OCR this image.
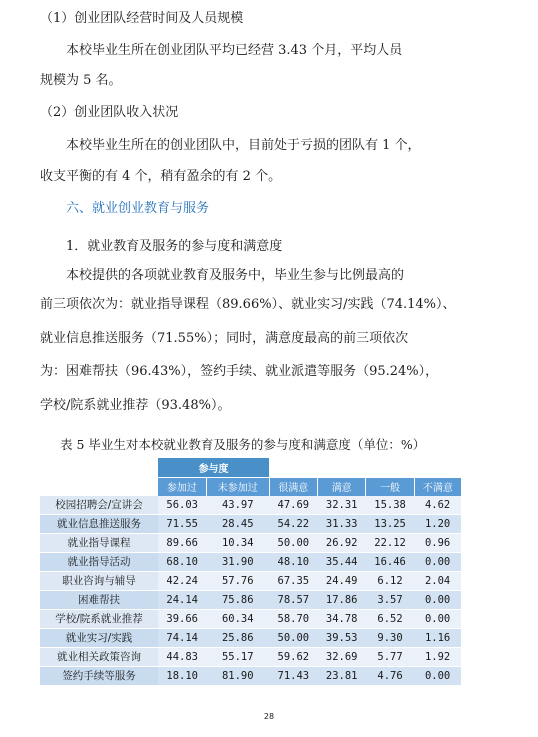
（1）创业团队经营时间及人员规模
本校毕业生所在创业团队平均已经营 3.43 个月，平均人员
规模为 5 名。
（2）创业团队收入状况
本校毕业生所在的创业团队中，目前处于亏损的团队有 1 个，
收支平衡的有 4 个，稍有盈余的有 2 个。
六、就业创业教育与服务
1．就业教育及服务的参与度和满意度
本校提供的各项就业教育及服务中，毕业生参与比例最高的
前三项依次为：就业指导课程（89.66%）、就业实习/实践（74.14%）、
就业信息推送服务（71.55%）；同时，满意度最高的前三项依次
为：困难帮扶（96.43%），签约手续、就业派遣等服务（95.24%），
学校/院系就业推荐（93.48%）。
表 5 毕业生对本校就业教育及服务的参与度和满意度（单位：%）
	参与度					
	参加过	未参加过	很满意	满意	一般	不满意
校园招聘会/宣讲会	56.03	43.97	47.69	32.31	15.38	4.62
就业信息推送服务	71.55	28.45	54.22	31.33	13.25	1.20
就业指导课程	89.66	10.34	50.00	26.92	22.12	0.96
就业指导活动	68.10	31.90	48.10	35.44	16.46	0.00
职业咨询与辅导	42.24	57.76	67.35	24.49	6.12	2.04
困难帮扶	24.14	75.86	78.57	17.86	3.57	0.00
学校/院系就业推荐	39.66	60.34	58.70	34.78	6.52	0.00
就业实习/实践	74.14	25.86	50.00	39.53	9.30	1.16
就业相关政策咨询	44.83	55.17	59.62	32.69	5.77	1.92
签约手续等服务	18.10	81.90	71.43	23.81	4.76	0.00
28
